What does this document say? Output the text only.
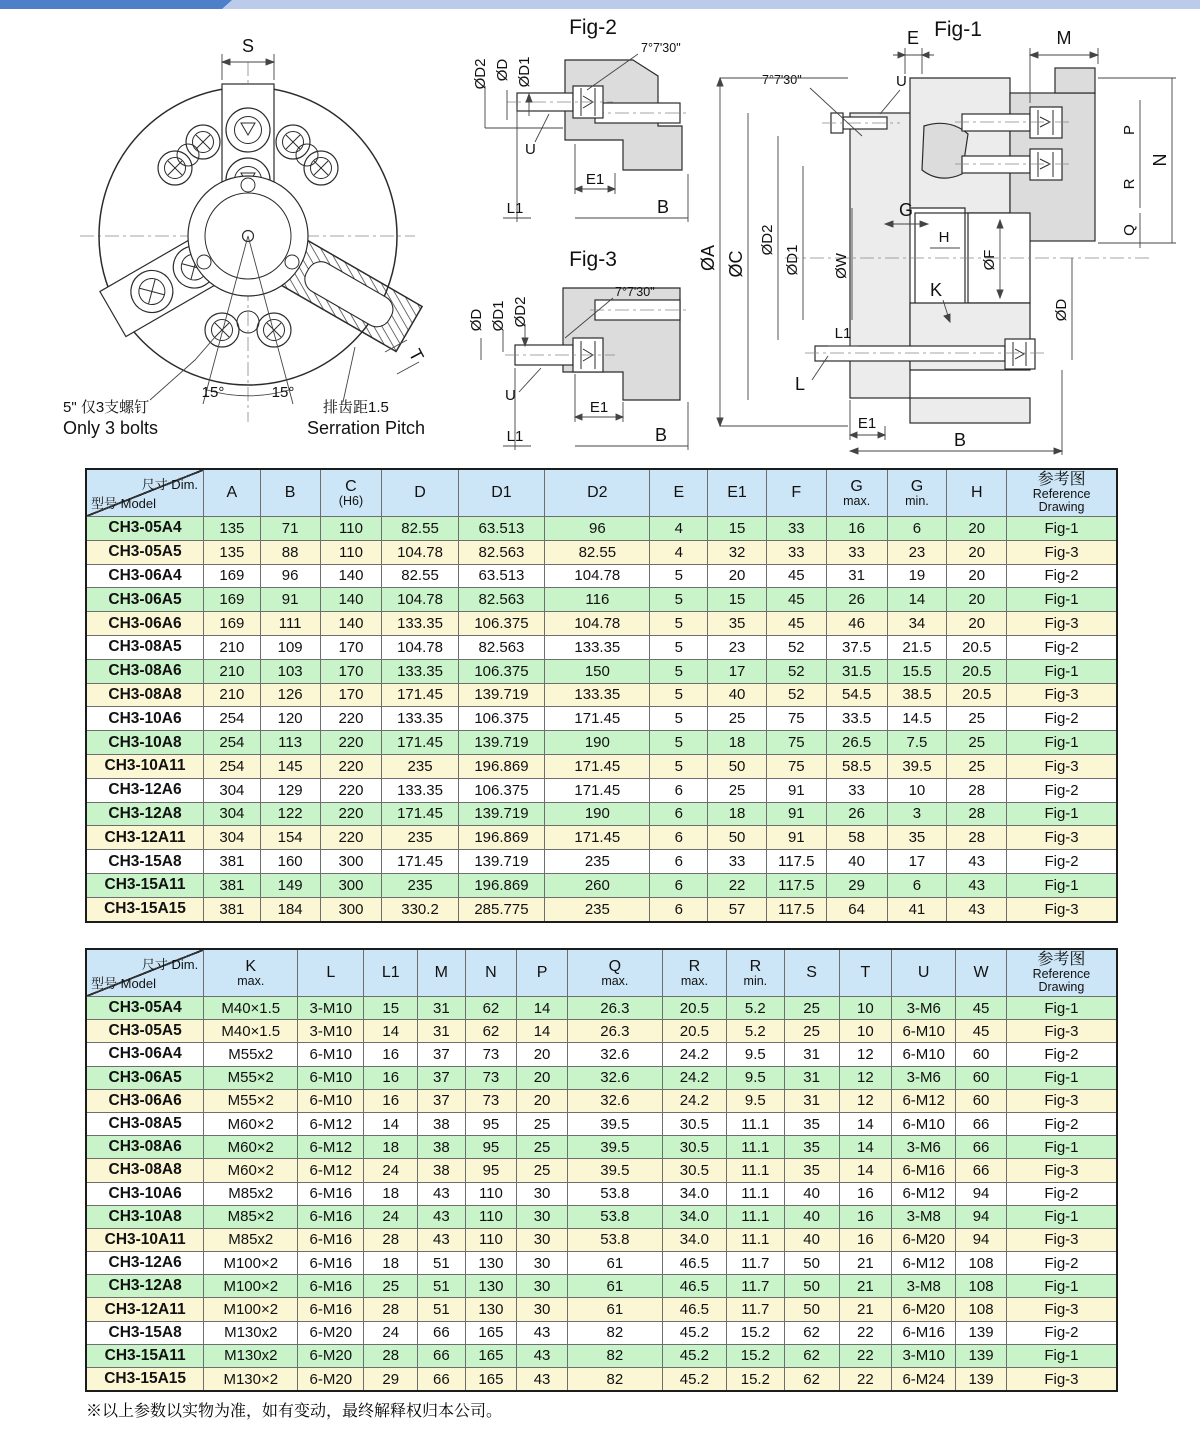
S
T
15°	15°
5" 仅3支螺钉
Only 3 bolts
排齿距1.5
Serration Pitch
Fig-2
ØD2 ØD ØD1
7°7'30"
U
E1
L1	B
Fig-3
ØD ØD1 ØD2
7°7'30"
U
E1
L1	B
Fig-1
E	M
7°7'30"	U
N
P
R
Q
ØA ØC
ØD2
ØD1 ØW
G
H
K
ØF
ØD
L1
L
E1
B
尺寸 Dim.
型号 Model

A	B	C
(H6)	D	D1	D2	E	E1	F	G
max.

G
min.	H

参考图
Reference
Drawing

CH3-05A4	135	71	110	82.55	63.513	96	4	15	33	16	6	20	Fig-1
CH3-05A5	135	88	110	104.78	82.563	82.55	4	32	33	33	23	20	Fig-3
CH3-06A4	169	96	140	82.55	63.513	104.78	5	20	45	31	19	20	Fig-2
CH3-06A5	169	91	140	104.78	82.563	116	5	15	45	26	14	20	Fig-1
CH3-06A6	169	111	140	133.35	106.375	104.78	5	35	45	46	34	20	Fig-3
CH3-08A5	210	109	170	104.78	82.563	133.35	5	23	52	37.5	21.5	20.5	Fig-2
CH3-08A6	210	103	170	133.35	106.375	150	5	17	52	31.5	15.5	20.5	Fig-1
CH3-08A8	210	126	170	171.45	139.719	133.35	5	40	52	54.5	38.5	20.5	Fig-3
CH3-10A6	254	120	220	133.35	106.375	171.45	5	25	75	33.5	14.5	25	Fig-2
CH3-10A8	254	113	220	171.45	139.719	190	5	18	75	26.5	7.5	25	Fig-1
CH3-10A11	254	145	220	235	196.869	171.45	5	50	75	58.5	39.5	25	Fig-3
CH3-12A6	304	129	220	133.35	106.375	171.45	6	25	91	33	10	28	Fig-2
CH3-12A8	304	122	220	171.45	139.719	190	6	18	91	26	3	28	Fig-1
CH3-12A11	304	154	220	235	196.869	171.45	6	50	91	58	35	28	Fig-3
CH3-15A8	381	160	300	171.45	139.719	235	6	33	117.5	40	17	43	Fig-2
CH3-15A11	381	149	300	235	196.869	260	6	22	117.5	29	6	43	Fig-1
CH3-15A15	381	184	300	330.2	285.775	235	6	57	117.5	64	41	43	Fig-3
尺寸 Dim.
型号 Model

K
max.	L	L1	M	N	P	Q
max.

R
max.

R
min.	S	T	U	W

参考图
Reference
Drawing

CH3-05A4	M40×1.5	3-M10	15	31	62	14	26.3	20.5	5.2	25	10	3-M6	45	Fig-1
CH3-05A5	M40×1.5	3-M10	14	31	62	14	26.3	20.5	5.2	25	10	6-M10	45	Fig-3
CH3-06A4	M55x2	6-M10	16	37	73	20	32.6	24.2	9.5	31	12	6-M10	60	Fig-2
CH3-06A5	M55×2	6-M10	16	37	73	20	32.6	24.2	9.5	31	12	3-M6	60	Fig-1
CH3-06A6	M55×2	6-M10	16	37	73	20	32.6	24.2	9.5	31	12	6-M12	60	Fig-3
CH3-08A5	M60×2	6-M12	14	38	95	25	39.5	30.5	11.1	35	14	6-M10	66	Fig-2
CH3-08A6	M60×2	6-M12	18	38	95	25	39.5	30.5	11.1	35	14	3-M6	66	Fig-1
CH3-08A8	M60×2	6-M12	24	38	95	25	39.5	30.5	11.1	35	14	6-M16	66	Fig-3
CH3-10A6	M85x2	6-M16	18	43	110	30	53.8	34.0	11.1	40	16	6-M12	94	Fig-2
CH3-10A8	M85×2	6-M16	24	43	110	30	53.8	34.0	11.1	40	16	3-M8	94	Fig-1
CH3-10A11	M85x2	6-M16	28	43	110	30	53.8	34.0	11.1	40	16	6-M20	94	Fig-3
CH3-12A6	M100×2	6-M16	18	51	130	30	61	46.5	11.7	50	21	6-M12	108	Fig-2
CH3-12A8	M100×2	6-M16	25	51	130	30	61	46.5	11.7	50	21	3-M8	108	Fig-1
CH3-12A11	M100×2	6-M16	28	51	130	30	61	46.5	11.7	50	21	6-M20	108	Fig-3
CH3-15A8	M130x2	6-M20	24	66	165	43	82	45.2	15.2	62	22	6-M16	139	Fig-2
CH3-15A11	M130x2	6-M20	28	66	165	43	82	45.2	15.2	62	22	3-M10	139	Fig-1
CH3-15A15	M130×2	6-M20	29	66	165	43	82	45.2	15.2	62	22	6-M24	139	Fig-3
※以上参数以实物为准，如有变动，最终解释权归本公司。
